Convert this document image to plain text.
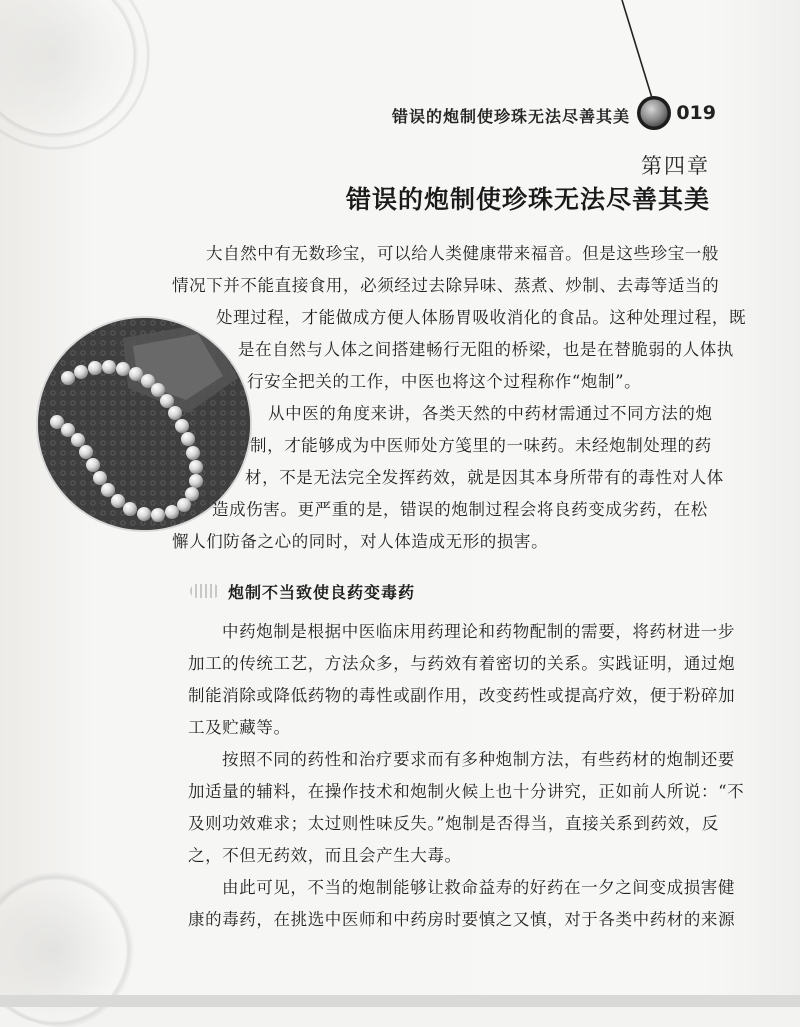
错误的炮制使珍珠无法尽善其美 019
第四章
错误的炮制使珍珠无法尽善其美
大自然中有无数珍宝，可以给人类健康带来福音。但是这些珍宝一般
情况下并不能直接食用，必须经过去除异味、蒸煮、炒制、去毒等适当的
处理过程，才能做成方便人体肠胃吸收消化的食品。这种处理过程，既
是在自然与人体之间搭建畅行无阻的桥梁，也是在替脆弱的人体执
行安全把关的工作，中医也将这个过程称作“炮制”。
从中医的角度来讲，各类天然的中药材需通过不同方法的炮
制，才能够成为中医师处方笺里的一味药。未经炮制处理的药
材，不是无法完全发挥药效，就是因其本身所带有的毒性对人体
造成伤害。更严重的是，错误的炮制过程会将良药变成劣药，在松
懈人们防备之心的同时，对人体造成无形的损害。
炮制不当致使良药变毒药
中药炮制是根据中医临床用药理论和药物配制的需要，将药材进一步
加工的传统工艺，方法众多，与药效有着密切的关系。实践证明，通过炮
制能消除或降低药物的毒性或副作用，改变药性或提高疗效，便于粉碎加
工及贮藏等。
按照不同的药性和治疗要求而有多种炮制方法，有些药材的炮制还要
加适量的辅料，在操作技术和炮制火候上也十分讲究，正如前人所说：“不
及则功效难求；太过则性味反失。”炮制是否得当，直接关系到药效，反
之，不但无药效，而且会产生大毒。
由此可见，不当的炮制能够让救命益寿的好药在一夕之间变成损害健
康的毒药，在挑选中医师和中药房时要慎之又慎，对于各类中药材的来源
